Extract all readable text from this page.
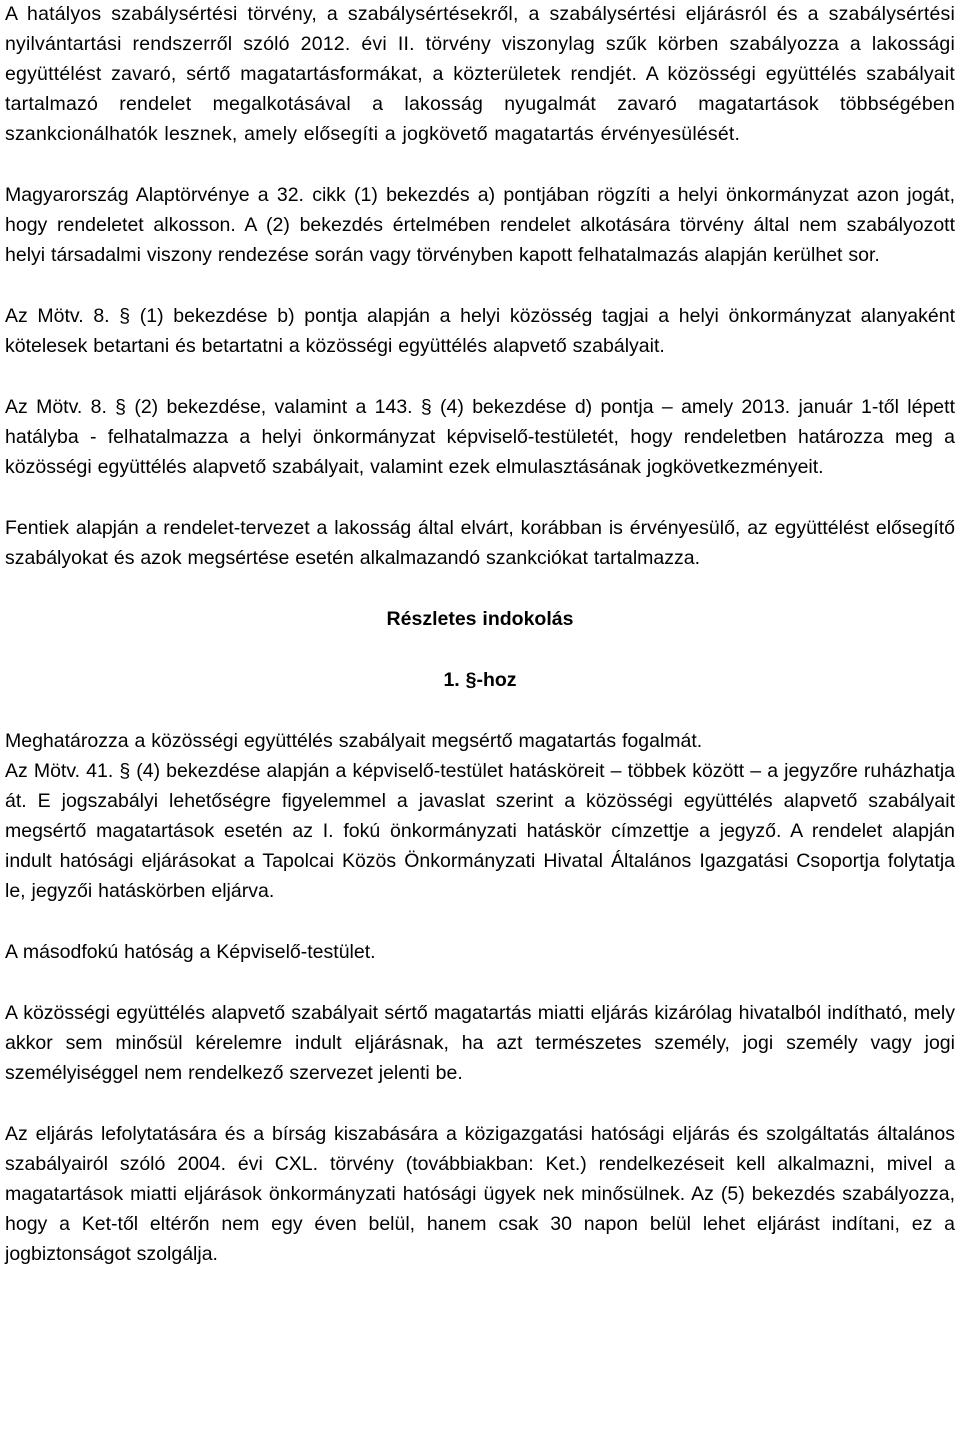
A hatályos szabálysértési törvény, a szabálysértésekről, a szabálysértési eljárásról és a szabálysértési nyilvántartási rendszerről szóló 2012. évi II. törvény viszonylag szűk körben szabályozza a lakossági együttélést zavaró, sértő magatartásformákat, a közterületek rendjét. A közösségi együttélés szabályait tartalmazó rendelet megalkotásával a lakosság nyugalmát zavaró magatartások többségében szankcionálhatók lesznek, amely elősegíti a jogkövető magatartás érvényesülését.

Magyarország Alaptörvénye a 32. cikk (1) bekezdés a) pontjában rögzíti a helyi önkormányzat azon jogát, hogy rendeletet alkosson. A (2) bekezdés értelmében rendelet alkotására törvény által nem szabályozott helyi társadalmi viszony rendezése során vagy törvényben kapott felhatalmazás alapján kerülhet sor.

Az Mötv. 8. § (1) bekezdése b) pontja alapján a helyi közösség tagjai a helyi önkormányzat alanyaként kötelesek betartani és betartatni a közösségi együttélés alapvető szabályait.

Az Mötv. 8. § (2) bekezdése, valamint a 143. § (4) bekezdése d) pontja – amely 2013. január 1-től lépett hatályba - felhatalmazza a helyi önkormányzat képviselő-testületét, hogy rendeletben határozza meg a közösségi együttélés alapvető szabályait, valamint ezek elmulasztásának jogkövetkezményeit.

Fentiek alapján a rendelet-tervezet a lakosság által elvárt, korábban is érvényesülő, az együttélést elősegítő szabályokat és azok megsértése esetén alkalmazandó szankciókat tartalmazza.

Részletes indokolás

1. §-hoz

Meghatározza a közösségi együttélés szabályait megsértő magatartás fogalmát.

Az Mötv. 41. § (4) bekezdése alapján a képviselő-testület hatásköreit – többek között – a jegyzőre ruházhatja át. E jogszabályi lehetőségre figyelemmel a javaslat szerint a közösségi együttélés alapvető szabályait megsértő magatartások esetén az I. fokú önkormányzati hatáskör címzettje a jegyző. A rendelet alapján indult hatósági eljárásokat a Tapolcai Közös Önkormányzati Hivatal Általános Igazgatási Csoportja folytatja le, jegyzői hatáskörben eljárva.

A másodfokú hatóság a Képviselő-testület.

A közösségi együttélés alapvető szabályait sértő magatartás miatti eljárás kizárólag hivatalból indítható, mely akkor sem minősül kérelemre indult eljárásnak, ha azt természetes személy, jogi személy vagy jogi személyiséggel nem rendelkező szervezet jelenti be.

Az eljárás lefolytatására és a bírság kiszabására a közigazgatási hatósági eljárás és szolgáltatás általános szabályairól szóló 2004. évi CXL. törvény (továbbiakban: Ket.) rendelkezéseit kell alkalmazni, mivel a magatartások miatti eljárások önkormányzati hatósági ügyek nek minősülnek. Az (5) bekezdés szabályozza, hogy a Ket-től eltérőn nem egy éven belül, hanem csak 30 napon belül lehet eljárást indítani, ez a jogbiztonságot szolgálja.
